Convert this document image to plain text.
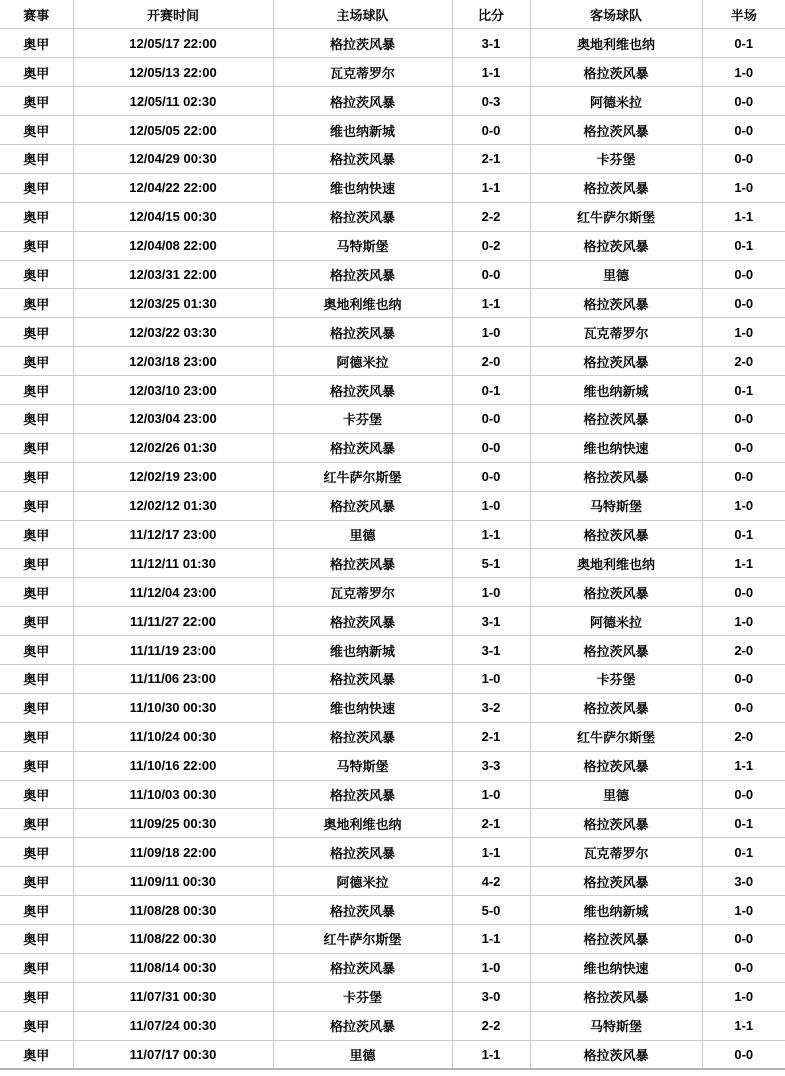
赛事	开赛时间	主场球队	比分	客场球队	半场
奥甲	12/05/17 22:00	格拉茨风暴	3-1	奥地利维也纳	0-1
奥甲	12/05/13 22:00	瓦克蒂罗尔	1-1	格拉茨风暴	1-0
奥甲	12/05/11 02:30	格拉茨风暴	0-3	阿德米拉	0-0
奥甲	12/05/05 22:00	维也纳新城	0-0	格拉茨风暴	0-0
奥甲	12/04/29 00:30	格拉茨风暴	2-1	卡芬堡	0-0
奥甲	12/04/22 22:00	维也纳快速	1-1	格拉茨风暴	1-0
奥甲	12/04/15 00:30	格拉茨风暴	2-2	红牛萨尔斯堡	1-1
奥甲	12/04/08 22:00	马特斯堡	0-2	格拉茨风暴	0-1
奥甲	12/03/31 22:00	格拉茨风暴	0-0	里德	0-0
奥甲	12/03/25 01:30	奥地利维也纳	1-1	格拉茨风暴	0-0
奥甲	12/03/22 03:30	格拉茨风暴	1-0	瓦克蒂罗尔	1-0
奥甲	12/03/18 23:00	阿德米拉	2-0	格拉茨风暴	2-0
奥甲	12/03/10 23:00	格拉茨风暴	0-1	维也纳新城	0-1
奥甲	12/03/04 23:00	卡芬堡	0-0	格拉茨风暴	0-0
奥甲	12/02/26 01:30	格拉茨风暴	0-0	维也纳快速	0-0
奥甲	12/02/19 23:00	红牛萨尔斯堡	0-0	格拉茨风暴	0-0
奥甲	12/02/12 01:30	格拉茨风暴	1-0	马特斯堡	1-0
奥甲	11/12/17 23:00	里德	1-1	格拉茨风暴	0-1
奥甲	11/12/11 01:30	格拉茨风暴	5-1	奥地利维也纳	1-1
奥甲	11/12/04 23:00	瓦克蒂罗尔	1-0	格拉茨风暴	0-0
奥甲	11/11/27 22:00	格拉茨风暴	3-1	阿德米拉	1-0
奥甲	11/11/19 23:00	维也纳新城	3-1	格拉茨风暴	2-0
奥甲	11/11/06 23:00	格拉茨风暴	1-0	卡芬堡	0-0
奥甲	11/10/30 00:30	维也纳快速	3-2	格拉茨风暴	0-0
奥甲	11/10/24 00:30	格拉茨风暴	2-1	红牛萨尔斯堡	2-0
奥甲	11/10/16 22:00	马特斯堡	3-3	格拉茨风暴	1-1
奥甲	11/10/03 00:30	格拉茨风暴	1-0	里德	0-0
奥甲	11/09/25 00:30	奥地利维也纳	2-1	格拉茨风暴	0-1
奥甲	11/09/18 22:00	格拉茨风暴	1-1	瓦克蒂罗尔	0-1
奥甲	11/09/11 00:30	阿德米拉	4-2	格拉茨风暴	3-0
奥甲	11/08/28 00:30	格拉茨风暴	5-0	维也纳新城	1-0
奥甲	11/08/22 00:30	红牛萨尔斯堡	1-1	格拉茨风暴	0-0
奥甲	11/08/14 00:30	格拉茨风暴	1-0	维也纳快速	0-0
奥甲	11/07/31 00:30	卡芬堡	3-0	格拉茨风暴	1-0
奥甲	11/07/24 00:30	格拉茨风暴	2-2	马特斯堡	1-1
奥甲	11/07/17 00:30	里德	1-1	格拉茨风暴	0-0
